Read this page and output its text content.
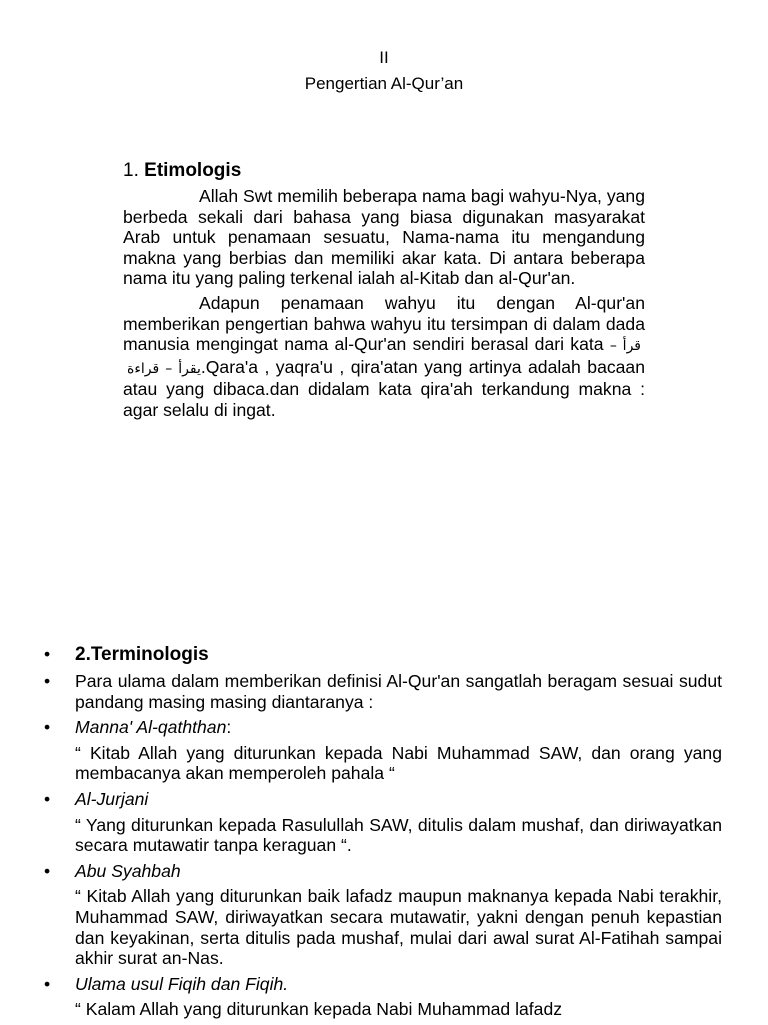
II
Pengertian Al-Qur’an
1. Etimologis

Allah Swt memilih beberapa nama bagi wahyu-Nya, yang berbeda sekali dari bahasa yang biasa digunakan masyarakat Arab untuk penamaan sesuatu, Nama-nama itu mengandung makna yang berbias dan memiliki akar kata. Di antara beberapa nama itu yang paling terkenal ialah al-Kitab dan al-Qur'an.

Adapun penamaan wahyu itu dengan Al-qur'an memberikan pengertian bahwa wahyu itu tersimpan di dalam dada manusia mengingat nama al-Qur'an sendiri berasal dari kata قرأ – يقرأ – قراءة.Qara'a , yaqra'u , qira'atan yang artinya adalah bacaan atau yang dibaca.dan didalam kata qira'ah terkandung makna : agar selalu di ingat.

• 2.Terminologis
• Para ulama dalam memberikan definisi Al-Qur'an sangatlah beragam sesuai sudut pandang masing masing diantaranya :
• Manna' Al-qaththan:

“ Kitab Allah yang diturunkan kepada Nabi Muhammad SAW, dan orang yang membacanya akan memperoleh pahala “

• Al-Jurjani

“ Yang diturunkan kepada Rasulullah SAW, ditulis dalam mushaf, dan diriwayatkan secara mutawatir tanpa keraguan “.

• Abu Syahbah

“ Kitab Allah yang diturunkan baik lafadz maupun maknanya kepada Nabi terakhir, Muhammad SAW, diriwayatkan secara mutawatir, yakni dengan penuh kepastian dan keyakinan, serta ditulis pada mushaf, mulai dari awal surat Al-Fatihah sampai akhir surat an-Nas.

• Ulama usul Fiqih dan Fiqih.

“ Kalam Allah yang diturunkan kepada Nabi Muhammad lafadz
